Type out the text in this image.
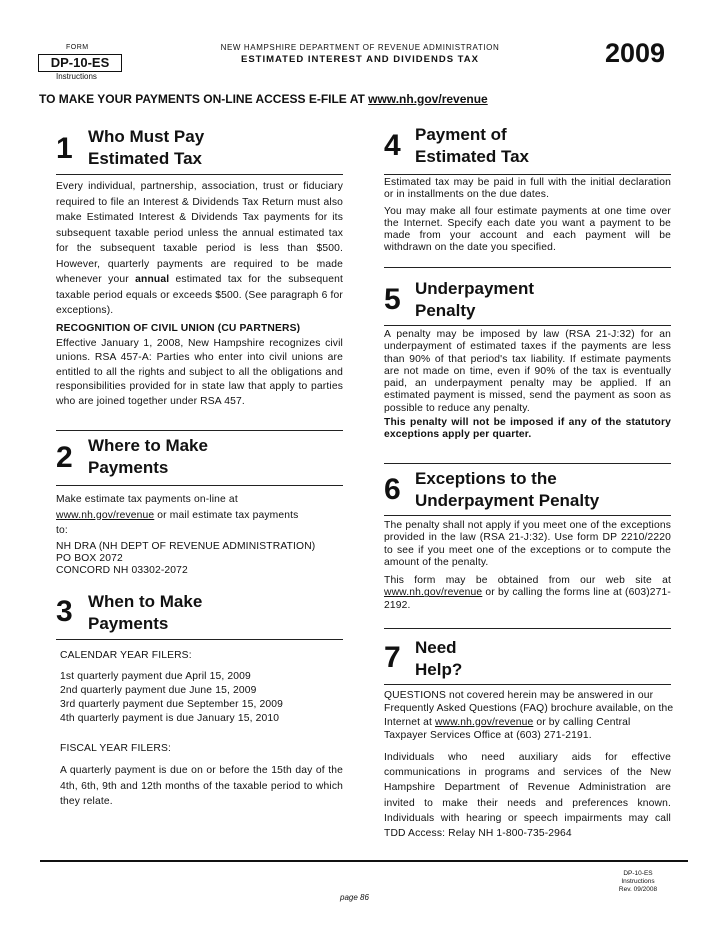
FORM
DP-10-ES
Instructions
NEW HAMPSHIRE DEPARTMENT OF REVENUE ADMINISTRATION
ESTIMATED INTEREST AND DIVIDENDS TAX	2009
TO MAKE YOUR PAYMENTS ON-LINE ACCESS E-FILE AT www.nh.gov/revenue
1 Who Must Pay
Estimated Tax

Every individual, partnership, association, trust or fiduciary required to file an Interest & Dividends Tax Return must also make Estimated Interest & Dividends Tax payments for its subsequent taxable period unless the annual estimated tax for the subsequent taxable period is less than $500. However, quarterly payments are required to be made whenever your annual estimated tax for the subsequent taxable period equals or exceeds $500. (See paragraph 6 for exceptions).

RECOGNITION OF CIVIL UNION (CU PARTNERS)

Effective January 1, 2008, New Hampshire recognizes civil unions. RSA 457-A: Parties who enter into civil unions are entitled to all the rights and subject to all the obligations and responsibilities provided for in state law that apply to parties who are joined together under RSA 457.

2 Where to Make
Payments

Make estimate tax payments on-line at

www.nh.gov/revenue or mail estimate tax payments

to:

NH DRA (NH DEPT OF REVENUE ADMINISTRATION)

PO BOX 2072

CONCORD NH 03302-2072

3 When to Make
Payments
CALENDAR YEAR FILERS:

1st quarterly payment due April 15, 2009

2nd quarterly payment due June 15, 2009

3rd quarterly payment due September 15, 2009

4th quarterly payment is due January 15, 2010

FISCAL YEAR FILERS:
A quarterly payment is due on or before the 15th day of the 4th, 6th, 9th and 12th months of the taxable period to which they relate.
4 Payment of
Estimated Tax

Estimated tax may be paid in full with the initial declaration or in installments on the due dates.

You may make all four estimate payments at one time over the Internet. Specify each date you want a payment to be made from your account and each payment will be withdrawn on the date you specified.

5 Underpayment
Penalty

A penalty may be imposed by law (RSA 21-J:32) for an underpayment of estimated taxes if the payments are less than 90% of that period's tax liability. If estimate payments are not made on time, even if 90% of the tax is eventually paid, an underpayment penalty may be applied. If an estimated payment is missed, send the payment as soon as possible to reduce any penalty.

This penalty will not be imposed if any of the statutory exceptions apply per quarter.

6 Exceptions to the
Underpayment Penalty

The penalty shall not apply if you meet one of the exceptions provided in the law (RSA 21-J:32). Use form DP 2210/2220 to see if you meet one of the exceptions or to compute the amount of the penalty.

This form may be obtained from our web site at www.nh.gov/revenue or by calling the forms line at (603)271-2192.

7 Need
Help?

QUESTIONS not covered herein may be answered in our Frequently Asked Questions (FAQ) brochure available, on the Internet at www.nh.gov/revenue or by calling Central Taxpayer Services Office at (603) 271-2191.

Individuals who need auxiliary aids for effective communications in programs and services of the New Hampshire Department of Revenue Administration are invited to make their needs and preferences known. Individuals with hearing or speech impairments may call TDD Access: Relay NH 1-800-735-2964
DP-10-ES
Instructions
Rev. 09/2008
page 86
